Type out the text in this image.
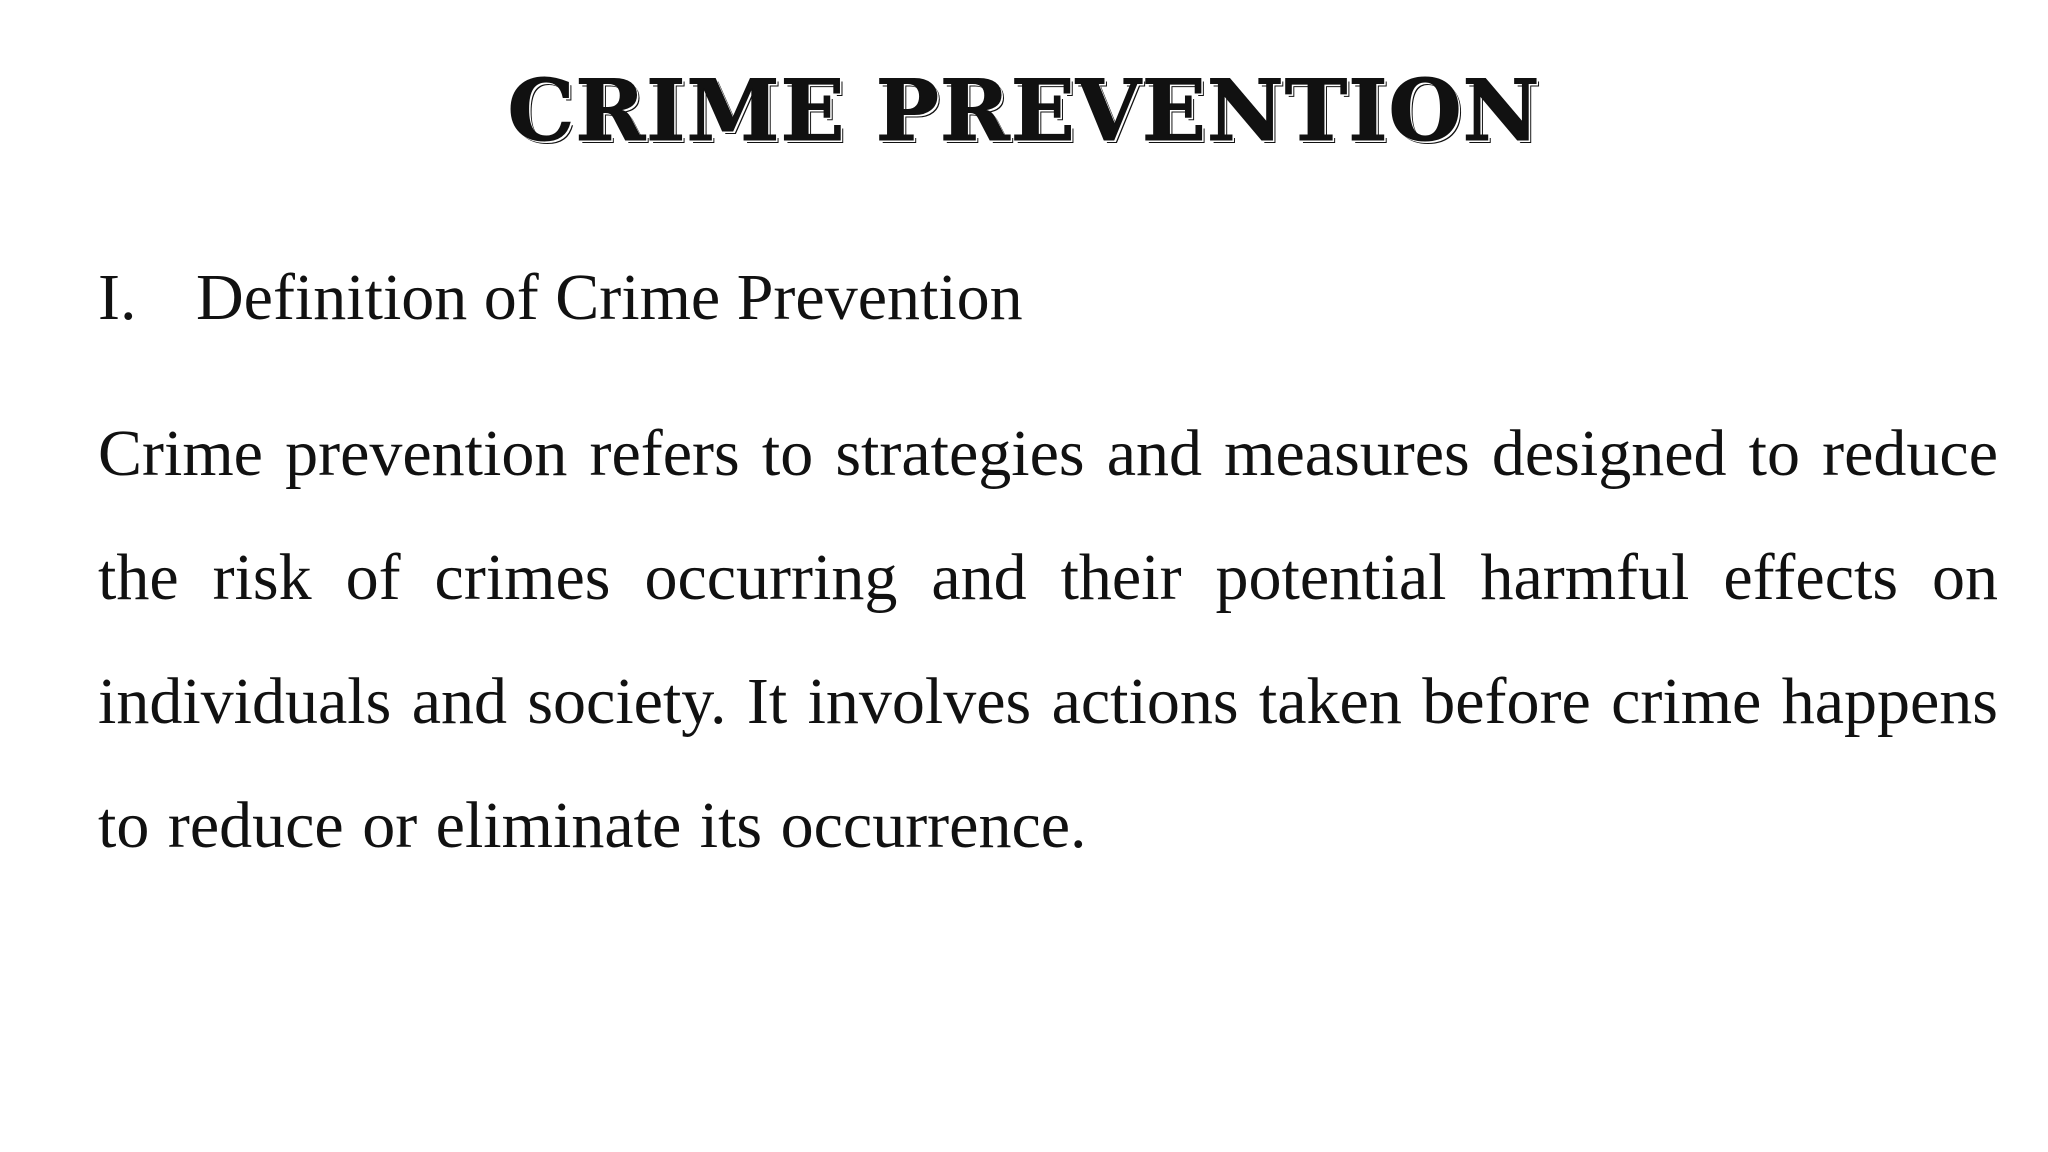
CRIME PREVENTION
I. Definition of Crime Prevention
Crime prevention refers to strategies and measures designed to reduce the risk of crimes occurring and their potential harmful effects on individuals and society. It involves actions taken before crime happens to reduce or eliminate its occurrence.
